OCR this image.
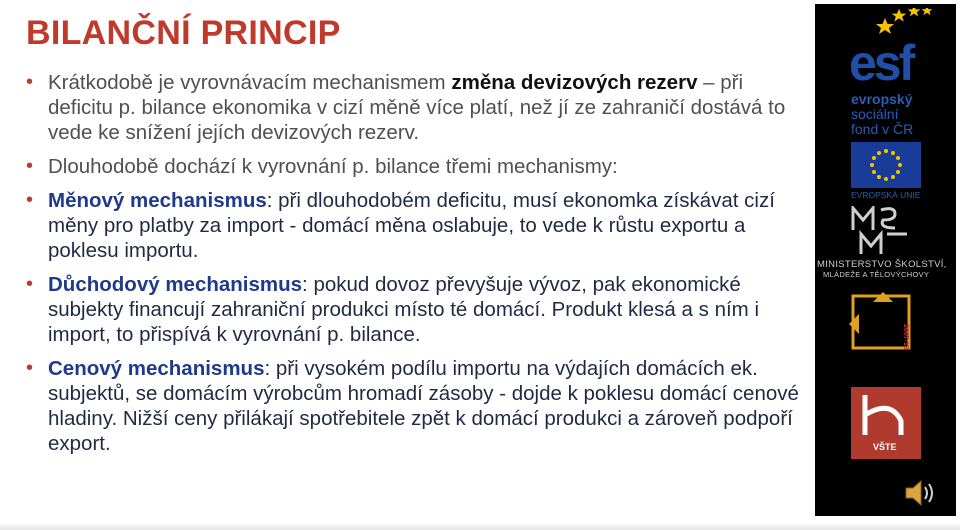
BILANČNÍ PRINCIP
• Krátkodobě je vyrovnávacím mechanismem změna devizových rezerv – při deficitu p. bilance ekonomika v cizí měně více platí, než jí ze zahraničí dostává to vede ke snížení jejích devizových rezerv.
• Dlouhodobě dochází k vyrovnání p. bilance třemi mechanismy:
• Měnový mechanismus: při dlouhodobém deficitu, musí ekonomka získávat cizí měny pro platby za import - domácí měna oslabuje, to vede k růstu exportu a poklesu importu.
• Důchodový mechanismus: pokud dovoz převyšuje vývoz, pak ekonomické subjekty financují zahraniční produkci místo té domácí. Produkt klesá a s ním i import, to přispívá k vyrovnání p. bilance.
• Cenový mechanismus: při vysokém podílu importu na výdajích domácích ek. subjektů, se domácím výrobcům hromadí zásoby - dojde k poklesu domácí cenové hladiny. Nižší ceny přilákají spotřebitele zpět k domácí produkci a zároveň podpoří export.
esf
evropský
sociální
fond v ČR
EVROPSKÁ UNIE
MINISTERSTVO ŠKOLSTVÍ,
MLÁDEŽE A TĚLOVÝCHOVY
2007-13
VŠTE
